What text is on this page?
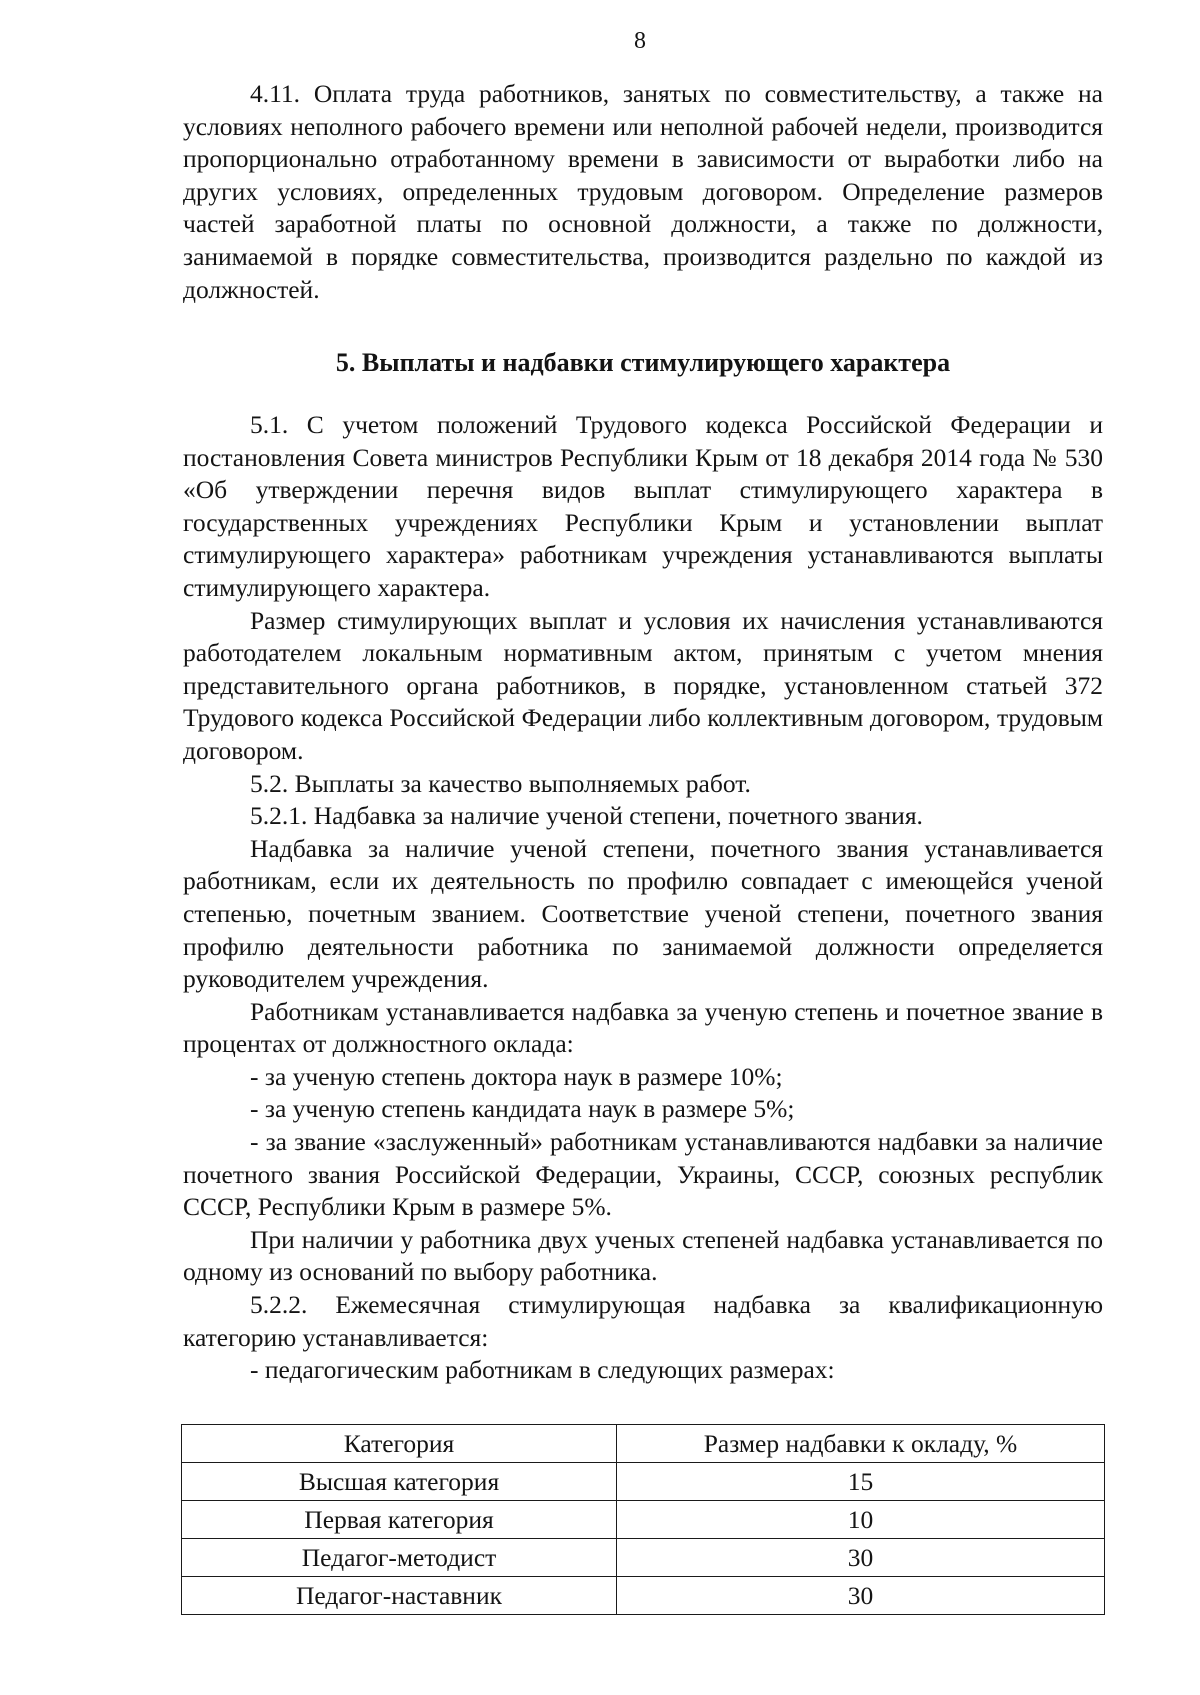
8

4.11. Оплата труда работников, занятых по совместительству, а также на условиях неполного рабочего времени или неполной рабочей недели, производится пропорционально отработанному времени в зависимости от выработки либо на других условиях, определенных трудовым договором. Определение размеров частей заработной платы по основной должности, а также по должности, занимаемой в порядке совместительства, производится раздельно по каждой из должностей.

5. Выплаты и надбавки стимулирующего характера

5.1. С учетом положений Трудового кодекса Российской Федерации и постановления Совета министров Республики Крым от 18 декабря 2014 года № 530 «Об утверждении перечня видов выплат стимулирующего характера в государственных учреждениях Республики Крым и установлении выплат стимулирующего характера» работникам учреждения устанавливаются выплаты стимулирующего характера.

Размер стимулирующих выплат и условия их начисления устанавливаются работодателем локальным нормативным актом, принятым с учетом мнения представительного органа работников, в порядке, установленном статьей 372 Трудового кодекса Российской Федерации либо коллективным договором, трудовым договором.

5.2. Выплаты за качество выполняемых работ.

5.2.1. Надбавка за наличие ученой степени, почетного звания.

Надбавка за наличие ученой степени, почетного звания устанавливается работникам, если их деятельность по профилю совпадает с имеющейся ученой степенью, почетным званием. Соответствие ученой степени, почетного звания профилю деятельности работника по занимаемой должности определяется руководителем учреждения.

Работникам устанавливается надбавка за ученую степень и почетное звание в процентах от должностного оклада:

- за ученую степень доктора наук в размере 10%;

- за ученую степень кандидата наук в размере 5%;

- за звание «заслуженный» работникам устанавливаются надбавки за наличие почетного звания Российской Федерации, Украины, СССР, союзных республик СССР, Республики Крым в размере 5%.

При наличии у работника двух ученых степеней надбавка устанавливается по одному из оснований по выбору работника.

5.2.2. Ежемесячная стимулирующая надбавка за квалификационную категорию устанавливается:

- педагогическим работникам в следующих размерах:

Категория	Размер надбавки к окладу, %
Высшая категория	15
Первая категория	10
Педагог-методист	30
Педагог-наставник	30
